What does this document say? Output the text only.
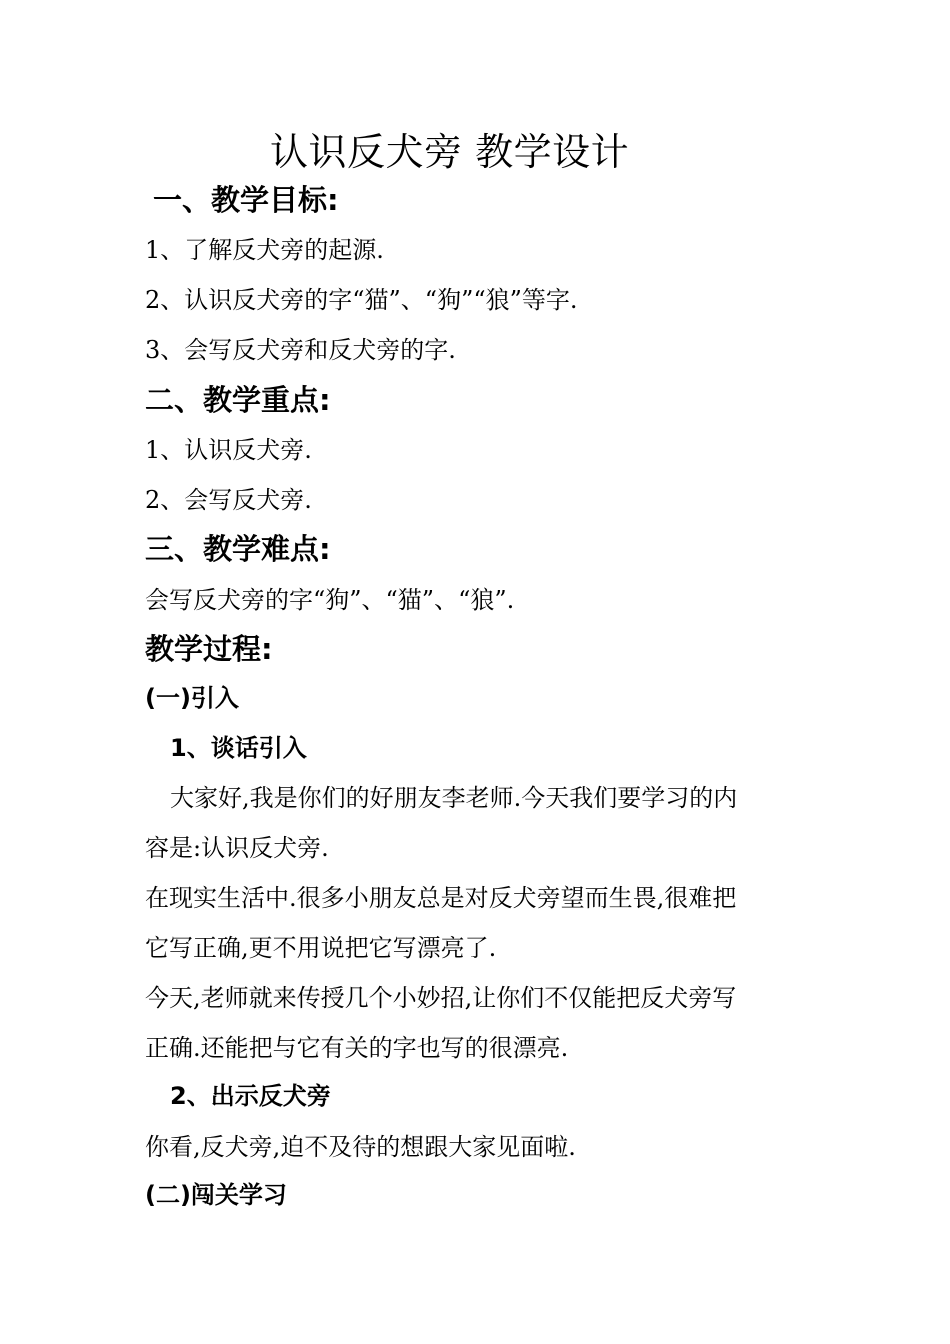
认识反犬旁 教学设计
一、教学目标:
1、了解反犬旁的起源.
2、认识反犬旁的字“猫”、“狗”“狼”等字.
3、会写反犬旁和反犬旁的字.
二、教学重点:
1、认识反犬旁.
2、会写反犬旁.
三、教学难点:
会写反犬旁的字“狗”、“猫”、“狼”.
教学过程:
(一)引入
1、谈话引入
大家好,我是你们的好朋友李老师.今天我们要学习的内
容是:认识反犬旁.
在现实生活中.很多小朋友总是对反犬旁望而生畏,很难把
它写正确,更不用说把它写漂亮了.
今天,老师就来传授几个小妙招,让你们不仅能把反犬旁写
正确.还能把与它有关的字也写的很漂亮.
2、出示反犬旁
你看,反犬旁,迫不及待的想跟大家见面啦.
(二)闯关学习
